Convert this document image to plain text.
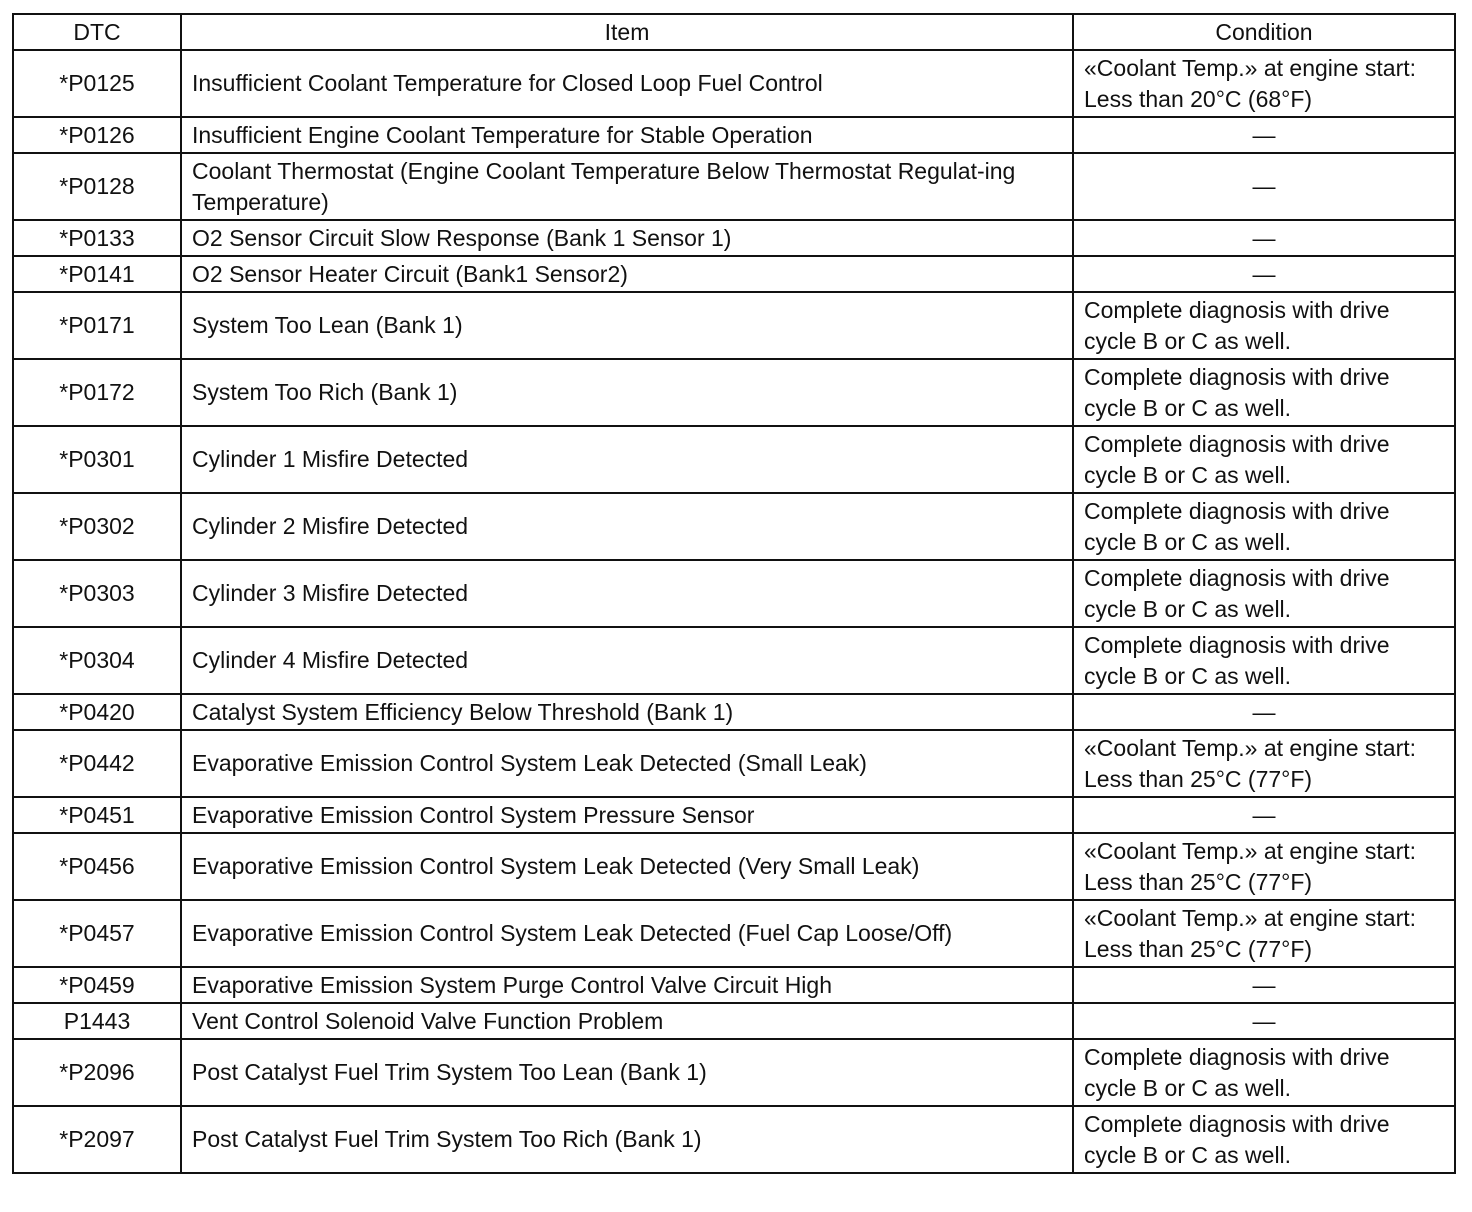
DTC	Item	Condition
*P0125	Insufficient Coolant Temperature for Closed Loop Fuel Control	«Coolant Temp.» at engine start: Less than 20°C (68°F)
*P0126	Insufficient Engine Coolant Temperature for Stable Operation	—
*P0128	Coolant Thermostat (Engine Coolant Temperature Below Thermostat Regulat-ing Temperature)	—
*P0133	O2 Sensor Circuit Slow Response (Bank 1 Sensor 1)	—
*P0141	O2 Sensor Heater Circuit (Bank1 Sensor2)	—
*P0171	System Too Lean (Bank 1)	Complete diagnosis with drive cycle B or C as well.
*P0172	System Too Rich (Bank 1)	Complete diagnosis with drive cycle B or C as well.
*P0301	Cylinder 1 Misfire Detected	Complete diagnosis with drive cycle B or C as well.
*P0302	Cylinder 2 Misfire Detected	Complete diagnosis with drive cycle B or C as well.
*P0303	Cylinder 3 Misfire Detected	Complete diagnosis with drive cycle B or C as well.
*P0304	Cylinder 4 Misfire Detected	Complete diagnosis with drive cycle B or C as well.
*P0420	Catalyst System Efficiency Below Threshold (Bank 1)	—
*P0442	Evaporative Emission Control System Leak Detected (Small Leak)	«Coolant Temp.» at engine start: Less than 25°C (77°F)
*P0451	Evaporative Emission Control System Pressure Sensor	—
*P0456	Evaporative Emission Control System Leak Detected (Very Small Leak)	«Coolant Temp.» at engine start: Less than 25°C (77°F)
*P0457	Evaporative Emission Control System Leak Detected (Fuel Cap Loose/Off)	«Coolant Temp.» at engine start: Less than 25°C (77°F)
*P0459	Evaporative Emission System Purge Control Valve Circuit High	—
P1443	Vent Control Solenoid Valve Function Problem	—
*P2096	Post Catalyst Fuel Trim System Too Lean (Bank 1)	Complete diagnosis with drive cycle B or C as well.
*P2097	Post Catalyst Fuel Trim System Too Rich (Bank 1)	Complete diagnosis with drive cycle B or C as well.
